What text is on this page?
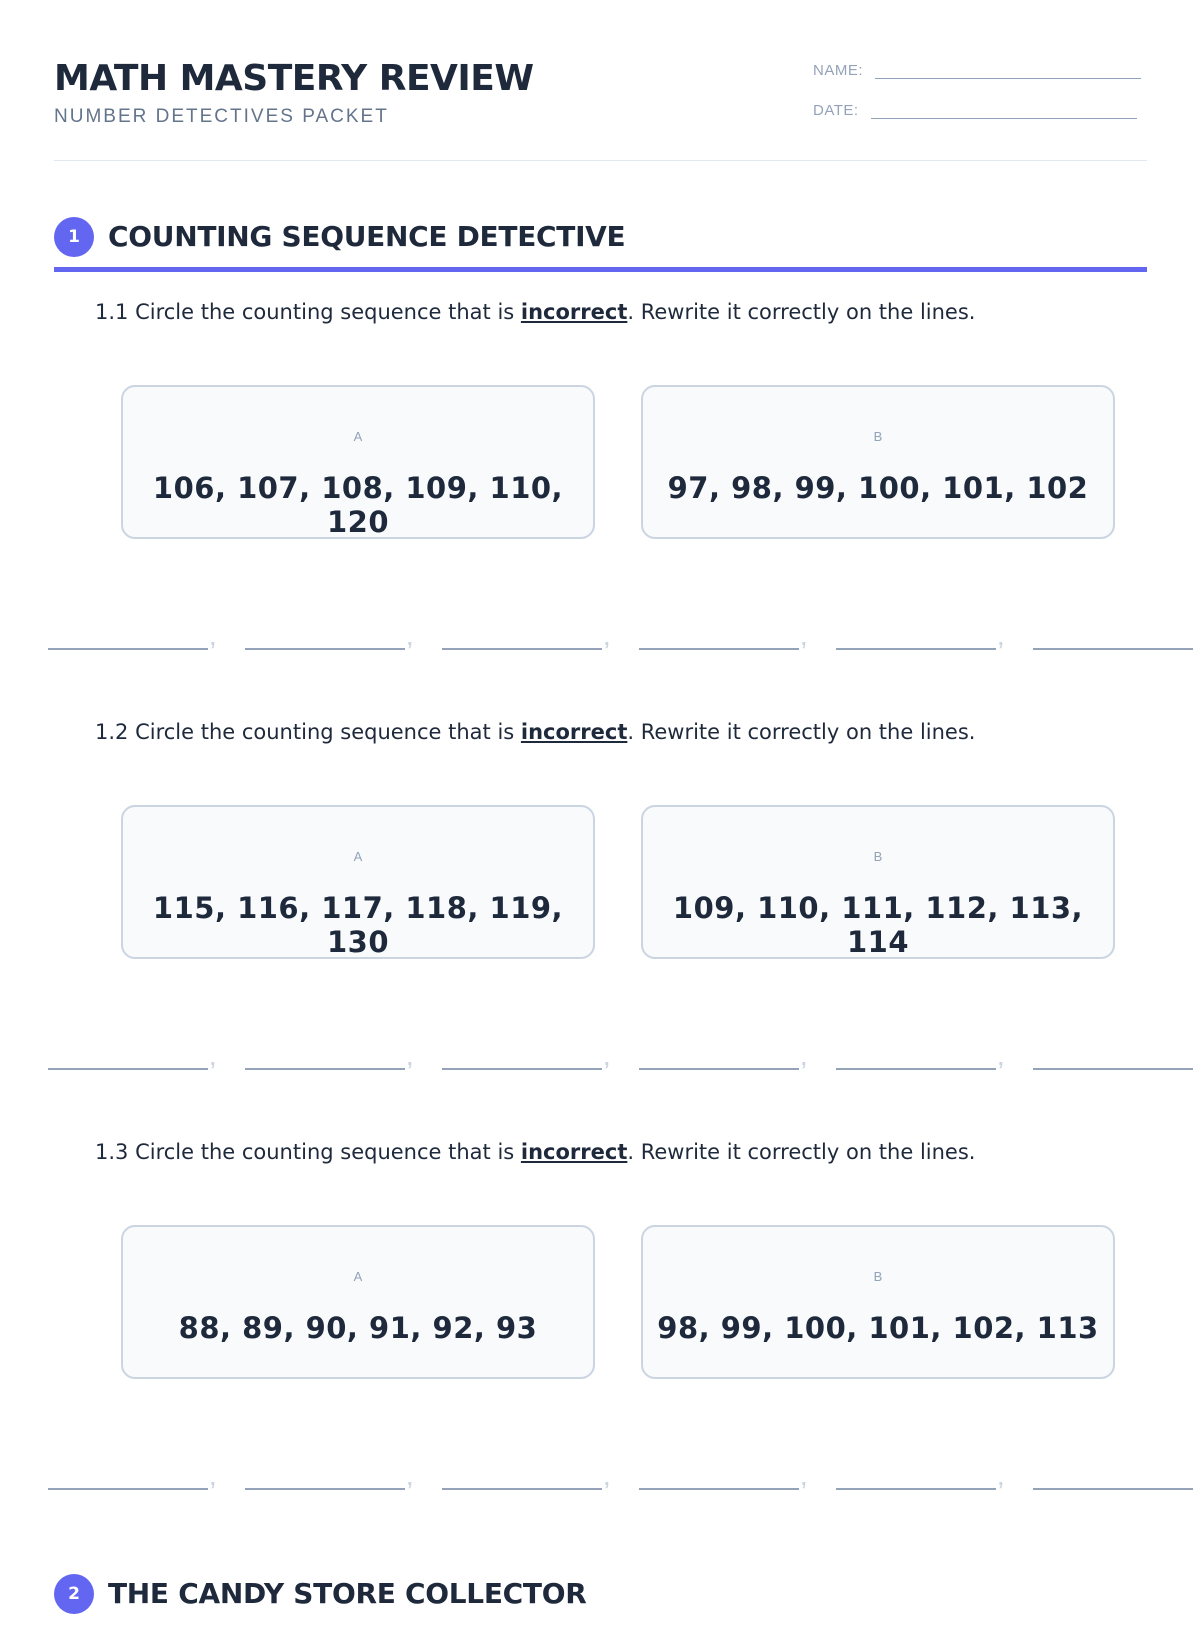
MATH MASTERY REVIEW
NUMBER DETECTIVES PACKET
NAME:
DATE:
1	COUNTING SEQUENCE DETECTIVE
1.1 Circle the counting sequence that is incorrect. Rewrite it correctly on the lines.
A
106, 107, 108, 109, 110, 120
B
97, 98, 99, 100, 101, 102
,	,	,	,	,
1.2 Circle the counting sequence that is incorrect. Rewrite it correctly on the lines.
A
115, 116, 117, 118, 119, 130
B
109, 110, 111, 112, 113, 114
,	,	,	,	,
1.3 Circle the counting sequence that is incorrect. Rewrite it correctly on the lines.
A
88, 89, 90, 91, 92, 93
B
98, 99, 100, 101, 102, 113
,	,	,	,	,
2	THE CANDY STORE COLLECTOR
